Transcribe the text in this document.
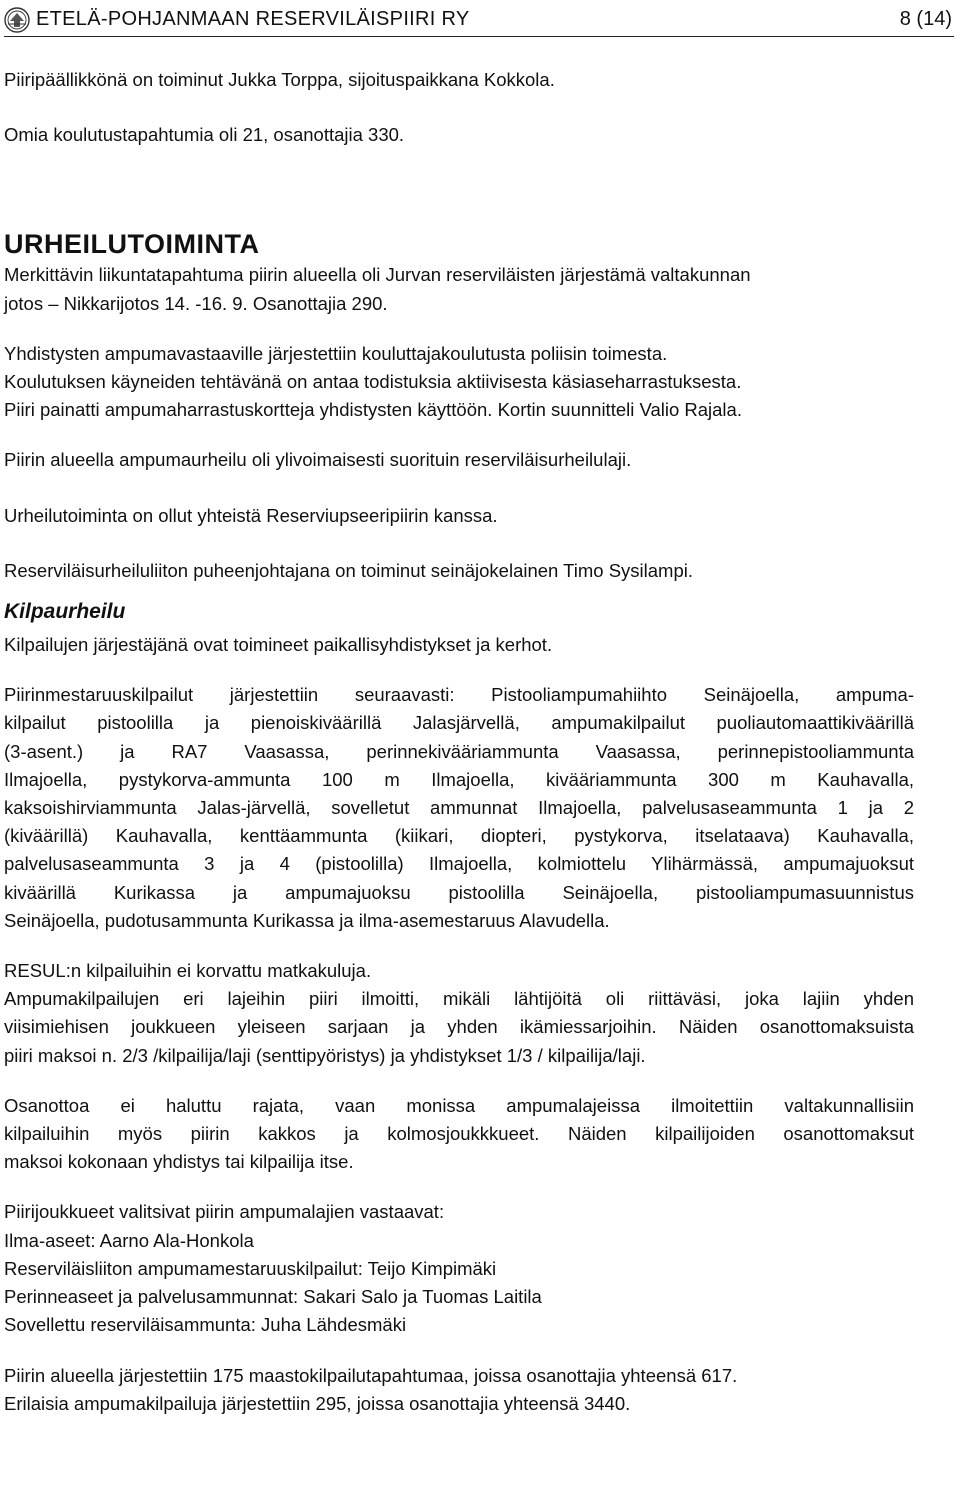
ETELÄ-POHJANMAAN RESERVILÄISPIIRI RY	8 (14)

Piiripäällikkönä on toiminut Jukka Torppa, sijoituspaikkana Kokkola.

Omia koulutustapahtumia oli 21, osanottajia 330.

URHEILUTOIMINTA

Merkittävin liikuntatapahtuma piirin alueella oli Jurvan reserviläisten järjestämä valtakunnan

jotos – Nikkarijotos 14. -16. 9. Osanottajia 290.

Yhdistysten ampumavastaaville järjestettiin kouluttajakoulutusta poliisin toimesta.

Koulutuksen käyneiden tehtävänä on antaa todistuksia aktiivisesta käsiaseharrastuksesta.

Piiri painatti ampumaharrastuskortteja yhdistysten käyttöön. Kortin suunnitteli Valio Rajala.

Piirin alueella ampumaurheilu oli ylivoimaisesti suorituin reserviläisurheilulaji.

Urheilutoiminta on ollut yhteistä Reserviupseeripiirin kanssa.

Reserviläisurheiluliiton puheenjohtajana on toiminut seinäjokelainen Timo Sysilampi.

Kilpaurheilu

Kilpailujen järjestäjänä ovat toimineet paikallisyhdistykset ja kerhot.

Piirinmestaruuskilpailut järjestettiin seuraavasti: Pistooliampumahiihto Seinäjoella, ampuma-

kilpailut pistoolilla ja pienoiskiväärillä Jalasjärvellä, ampumakilpailut puoliautomaattikiväärillä

(3-asent.) ja RA7 Vaasassa, perinnekivääriammunta Vaasassa, perinnepistooliammunta

Ilmajoella, pystykorva-ammunta 100 m Ilmajoella, kivääriammunta 300 m Kauhavalla,

kaksoishirviammunta Jalas-järvellä, sovelletut ammunnat Ilmajoella, palvelusaseammunta 1 ja 2

(kiväärillä) Kauhavalla, kenttäammunta (kiikari, diopteri, pystykorva, itselataava) Kauhavalla,

palvelusaseammunta 3 ja 4 (pistoolilla) Ilmajoella, kolmiottelu Ylihärmässä, ampumajuoksut

kiväärillä Kurikassa ja ampumajuoksu pistoolilla Seinäjoella, pistooliampumasuunnistus

Seinäjoella, pudotusammunta Kurikassa ja ilma-asemestaruus Alavudella.

RESUL:n kilpailuihin ei korvattu matkakuluja.

Ampumakilpailujen eri lajeihin piiri ilmoitti, mikäli lähtijöitä oli riittäväsi, joka lajiin yhden

viisimiehisen joukkueen yleiseen sarjaan ja yhden ikämiessarjoihin. Näiden osanottomaksuista

piiri maksoi n. 2/3 /kilpailija/laji (senttipyöristys) ja yhdistykset 1/3 / kilpailija/laji.

Osanottoa ei haluttu rajata, vaan monissa ampumalajeissa ilmoitettiin valtakunnallisiin

kilpailuihin myös piirin kakkos ja kolmosjoukkkueet. Näiden kilpailijoiden osanottomaksut

maksoi kokonaan yhdistys tai kilpailija itse.

Piirijoukkueet valitsivat piirin ampumalajien vastaavat:

Ilma-aseet: Aarno Ala-Honkola

Reserviläisliiton ampumamestaruuskilpailut: Teijo Kimpimäki

Perinneaseet ja palvelusammunnat: Sakari Salo ja Tuomas Laitila

Sovellettu reserviläisammunta: Juha Lähdesmäki

Piirin alueella järjestettiin 175 maastokilpailutapahtumaa, joissa osanottajia yhteensä 617.

Erilaisia ampumakilpailuja järjestettiin 295, joissa osanottajia yhteensä 3440.
